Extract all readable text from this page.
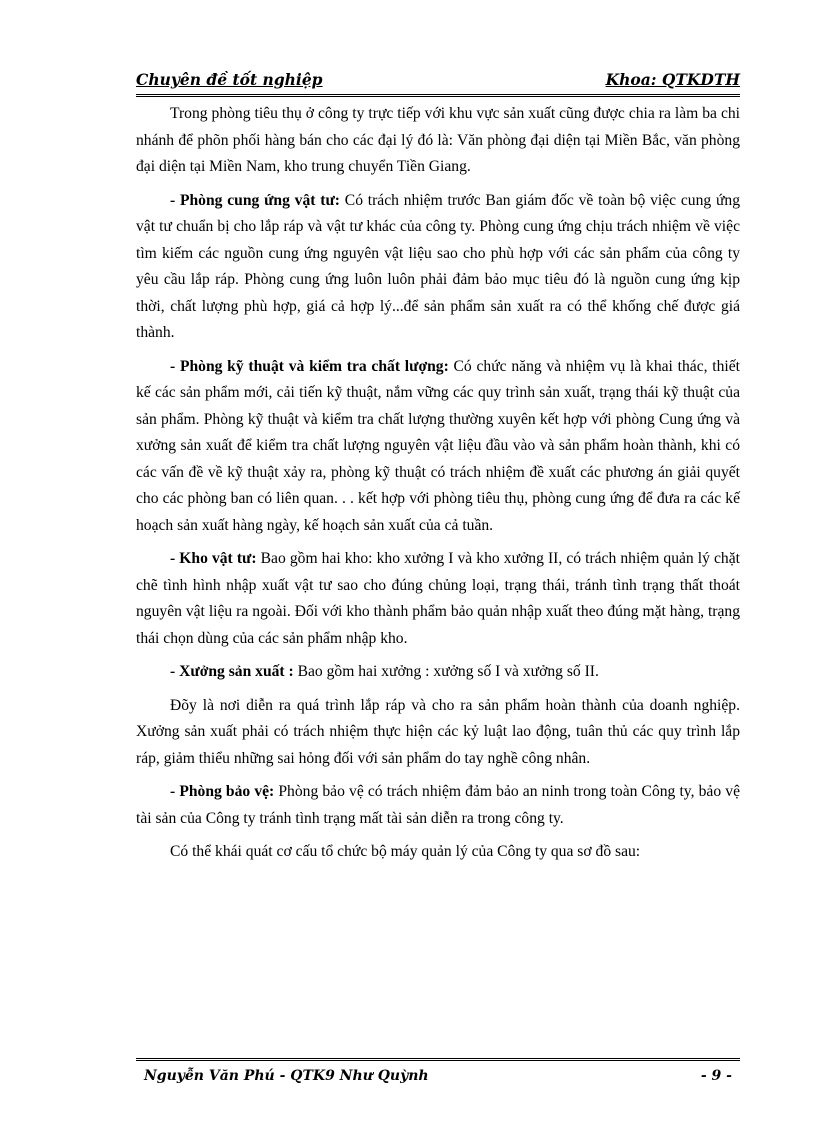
Chuyên đề tốt nghiệp	Khoa: QTKDTH

Trong phòng tiêu thụ ở công ty trực tiếp với khu vực sản xuất cũng được chia ra làm ba chi nhánh để phõn phối hàng bán cho các đại lý đó là: Văn phòng đại diện tại Miền Bắc, văn phòng đại diện tại Miền Nam, kho trung chuyển Tiền Giang.

- Phòng cung ứng vật tư: Có trách nhiệm trước Ban giám đốc về toàn bộ việc cung ứng vật tư chuẩn bị cho lắp ráp và vật tư khác của công ty. Phòng cung ứng chịu trách nhiệm về việc tìm kiếm các nguồn cung ứng nguyên vật liệu sao cho phù hợp với các sản phẩm của công ty yêu cầu lắp ráp. Phòng cung ứng luôn luôn phải đảm bảo mục tiêu đó là nguồn cung ứng kịp thời, chất lượng phù hợp, giá cả hợp lý...để sản phẩm sản xuất ra có thể khống chế được giá thành.

- Phòng kỹ thuật và kiểm tra chất lượng: Có chức năng và nhiệm vụ là khai thác, thiết kế các sản phẩm mới, cải tiến kỹ thuật, nắm vững các quy trình sản xuất, trạng thái kỹ thuật của sản phẩm. Phòng kỹ thuật và kiểm tra chất lượng thường xuyên kết hợp với phòng Cung ứng và xưởng sản xuất để kiểm tra chất lượng nguyên vật liệu đầu vào và sản phẩm hoàn thành, khi có các vấn đề về kỹ thuật xảy ra, phòng kỹ thuật có trách nhiệm đề xuất các phương án giải quyết cho các phòng ban có liên quan. . . kết hợp với phòng tiêu thụ, phòng cung ứng để đưa ra các kế hoạch sản xuất hàng ngày, kế hoạch sản xuất của cả tuần.

- Kho vật tư: Bao gồm hai kho: kho xưởng I và kho xưởng II, có trách nhiệm quản lý chặt chẽ tình hình nhập xuất vật tư sao cho đúng chủng loại, trạng thái, tránh tình trạng thất thoát nguyên vật liệu ra ngoài. Đối với kho thành phẩm bảo quản nhập xuất theo đúng mặt hàng, trạng thái chọn dùng của các sản phẩm nhập kho.

- Xưởng sản xuất : Bao gồm hai xưởng : xưởng số I và xưởng số II.

Đõy là nơi diễn ra quá trình lắp ráp và cho ra sản phẩm hoàn thành của doanh nghiệp. Xưởng sản xuất phải có trách nhiệm thực hiện các kỷ luật lao động, tuân thủ các quy trình lắp ráp, giảm thiểu những sai hỏng đối với sản phẩm do tay nghề công nhân.

- Phòng bảo vệ: Phòng bảo vệ có trách nhiệm đảm bảo an ninh trong toàn Công ty, bảo vệ tài sản của Công ty tránh tình trạng mất tài sản diễn ra trong công ty.

Có thể khái quát cơ cấu tổ chức bộ máy quản lý của Công ty qua sơ đồ sau:

Nguyễn Văn Phú - QTK9 Như Quỳnh	- 9 -
